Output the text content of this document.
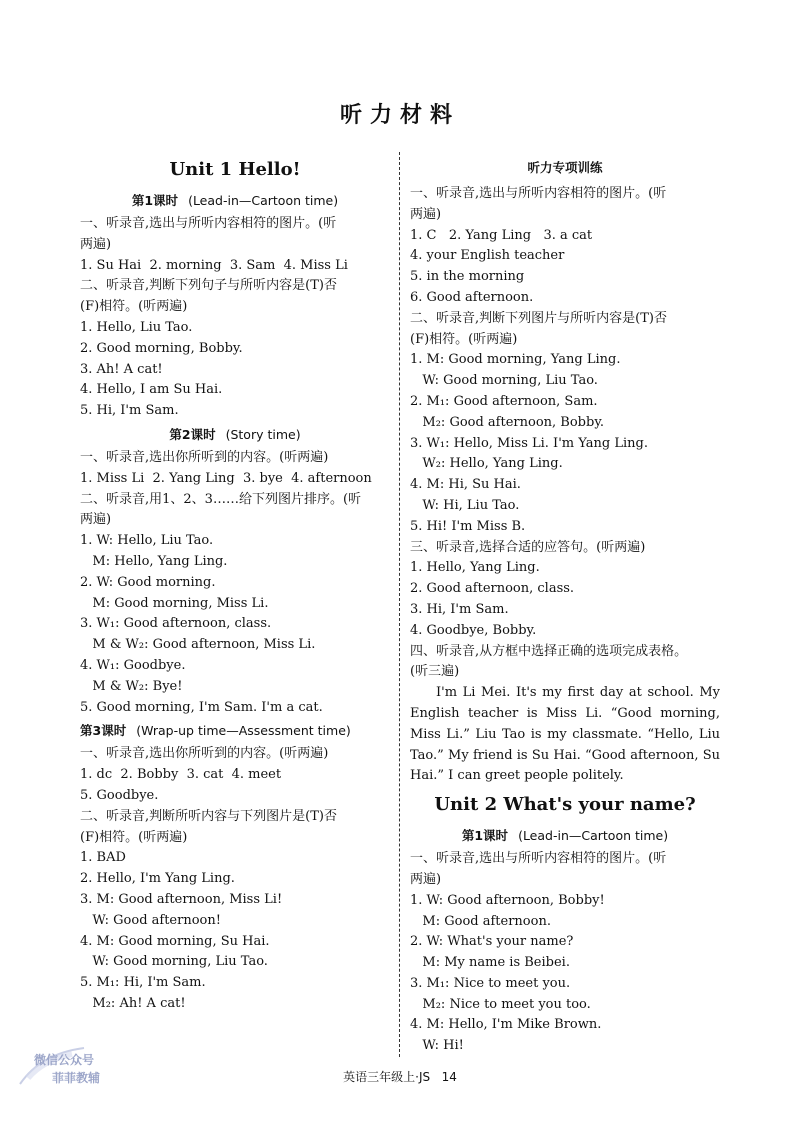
听力材料
Unit 1 Hello!
第1课时 (Lead-in—Cartoon time)
一、听录音,选出与所听内容相符的图片。(听
两遍)
1. Su Hai  2. morning  3. Sam  4. Miss Li
二、听录音,判断下列句子与所听内容是(T)否
(F)相符。(听两遍)
1. Hello, Liu Tao.
2. Good morning, Bobby.
3. Ah! A cat!
4. Hello, I am Su Hai.
5. Hi, I'm Sam.
第2课时 (Story time)
一、听录音,选出你所听到的内容。(听两遍)
1. Miss Li  2. Yang Ling  3. bye  4. afternoon
二、听录音,用1、2、3……给下列图片排序。(听
两遍)
1. W: Hello, Liu Tao.
M: Hello, Yang Ling.
2. W: Good morning.
M: Good morning, Miss Li.
3. W₁: Good afternoon, class.
M & W₂: Good afternoon, Miss Li.
4. W₁: Goodbye.
M & W₂: Bye!
5. Good morning, I'm Sam. I'm a cat.
第3课时 (Wrap-up time—Assessment time)
一、听录音,选出你所听到的内容。(听两遍)
1. dc  2. Bobby  3. cat  4. meet
5. Goodbye.
二、听录音,判断所听内容与下列图片是(T)否
(F)相符。(听两遍)
1. BAD
2. Hello, I'm Yang Ling.
3. M: Good afternoon, Miss Li!
W: Good afternoon!
4. M: Good morning, Su Hai.
W: Good morning, Liu Tao.
5. M₁: Hi, I'm Sam.
M₂: Ah! A cat!
听力专项训练
一、听录音,选出与所听内容相符的图片。(听
两遍)
1. C   2. Yang Ling   3. a cat
4. your English teacher
5. in the morning
6. Good afternoon.
二、听录音,判断下列图片与所听内容是(T)否
(F)相符。(听两遍)
1. M: Good morning, Yang Ling.
W: Good morning, Liu Tao.
2. M₁: Good afternoon, Sam.
M₂: Good afternoon, Bobby.
3. W₁: Hello, Miss Li. I'm Yang Ling.
W₂: Hello, Yang Ling.
4. M: Hi, Su Hai.
W: Hi, Liu Tao.
5. Hi! I'm Miss B.
三、听录音,选择合适的应答句。(听两遍)
1. Hello, Yang Ling.
2. Good afternoon, class.
3. Hi, I'm Sam.
4. Goodbye, Bobby.
四、听录音,从方框中选择正确的选项完成表格。
(听三遍)
I'm Li Mei. It's my first day at school. My English teacher is Miss Li. “Good morning, Miss Li.” Liu Tao is my classmate. “Hello, Liu Tao.” My friend is Su Hai. “Good afternoon, Su Hai.” I can greet people politely.
Unit 2 What's your name?
第1课时 (Lead-in—Cartoon time)
一、听录音,选出与所听内容相符的图片。(听
两遍)
1. W: Good afternoon, Bobby!
M: Good afternoon.
2. W: What's your name?
M: My name is Beibei.
3. M₁: Nice to meet you.
M₂: Nice to meet you too.
4. M: Hello, I'm Mike Brown.
W: Hi!
微信公众号
菲菲教辅	英语三年级上·JS 14
